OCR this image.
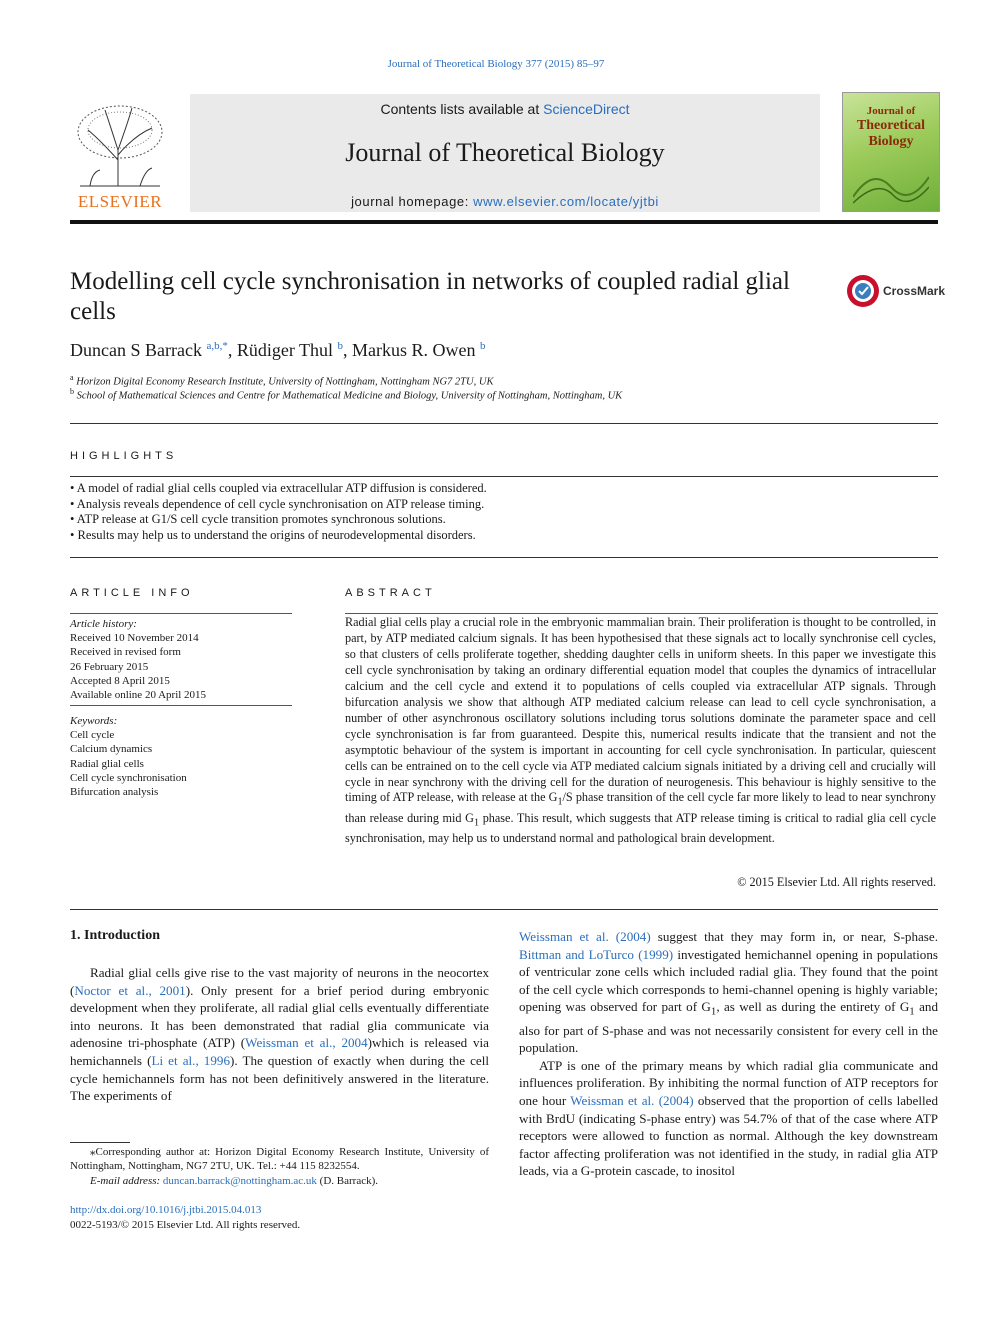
Journal of Theoretical Biology 377 (2015) 85–97
ELSEVIER
Contents lists available at ScienceDirect
Journal of Theoretical Biology
journal homepage: www.elsevier.com/locate/yjtbi
Journal of
Theoretical
Biology
Modelling cell cycle synchronisation in networks of coupled radial glial cells
CrossMark
Duncan S Barrack $^{a,b,*}$, Rüdiger Thul $^b$, Markus R. Owen $^b$
$^a$ Horizon Digital Economy Research Institute, University of Nottingham, Nottingham NG7 2TU, UK
$^b$ School of Mathematical Sciences and Centre for Mathematical Medicine and Biology, University of Nottingham, Nottingham, UK
HIGHLIGHTS
• A model of radial glial cells coupled via extracellular ATP diffusion is considered.
• Analysis reveals dependence of cell cycle synchronisation on ATP release timing.
• ATP release at G1/S cell cycle transition promotes synchronous solutions.
• Results may help us to understand the origins of neurodevelopmental disorders.
ARTICLE INFO
Article history:
Received 10 November 2014
Received in revised form
26 February 2015
Accepted 8 April 2015
Available online 20 April 2015
Keywords:
Cell cycle
Calcium dynamics
Radial glial cells
Cell cycle synchronisation
Bifurcation analysis
ABSTRACT
Radial glial cells play a crucial role in the embryonic mammalian brain. Their proliferation is thought to be controlled, in part, by ATP mediated calcium signals. It has been hypothesised that these signals act to locally synchronise cell cycles, so that clusters of cells proliferate together, shedding daughter cells in uniform sheets. In this paper we investigate this cell cycle synchronisation by taking an ordinary differential equation model that couples the dynamics of intracellular calcium and the cell cycle and extend it to populations of cells coupled via extracellular ATP signals. Through bifurcation analysis we show that although ATP mediated calcium release can lead to cell cycle synchronisation, a number of other asynchronous oscillatory solutions including torus solutions dominate the parameter space and cell cycle synchronisation is far from guaranteed. Despite this, numerical results indicate that the transient and not the asymptotic behaviour of the system is important in accounting for cell cycle synchronisation. In particular, quiescent cells can be entrained on to the cell cycle via ATP mediated calcium signals initiated by a driving cell and crucially will cycle in near synchrony with the driving cell for the duration of neurogenesis. This behaviour is highly sensitive to the timing of ATP release, with release at the $G_1/S$ phase transition of the cell cycle far more likely to lead to near synchrony than release during mid $G_1$ phase. This result, which suggests that ATP release timing is critical to radial glia cell cycle synchronisation, may help us to understand normal and pathological brain development.
© 2015 Elsevier Ltd. All rights reserved.
1. Introduction
Radial glial cells give rise to the vast majority of neurons in the neocortex (Noctor et al., 2001). Only present for a brief period during embryonic development when they proliferate, all radial glial cells eventually differentiate into neurons. It has been demonstrated that radial glia communicate via adenosine tri-phosphate (ATP) (Weissman et al., 2004)which is released via hemichannels (Li et al., 1996). The question of exactly when during the cell cycle hemichannels form has not been definitively answered in the literature. The experiments of
Weissman et al. (2004) suggest that they may form in, or near, S-phase. Bittman and LoTurco (1999) investigated hemichannel opening in populations of ventricular zone cells which included radial glia. They found that the point of the cell cycle which corresponds to hemi-channel opening is highly variable; opening was observed for part of $G_1$, as well as during the entirety of $G_1$ and also for part of S-phase and was not necessarily consistent for every cell in the population.
ATP is one of the primary means by which radial glia communicate and influences proliferation. By inhibiting the normal function of ATP receptors for one hour Weissman et al. (2004) observed that the proportion of cells labelled with BrdU (indicating S-phase entry) was 54.7% of that of the case where ATP receptors were allowed to function as normal. Although the key downstream factor affecting proliferation was not identified in the study, in radial glia ATP leads, via a G-protein cascade, to inositol
⁎Corresponding author at: Horizon Digital Economy Research Institute, University of Nottingham, Nottingham, NG7 2TU, UK. Tel.: +44 115 8232554.
E-mail address: duncan.barrack@nottingham.ac.uk (D. Barrack).
http://dx.doi.org/10.1016/j.jtbi.2015.04.013
0022-5193/© 2015 Elsevier Ltd. All rights reserved.
